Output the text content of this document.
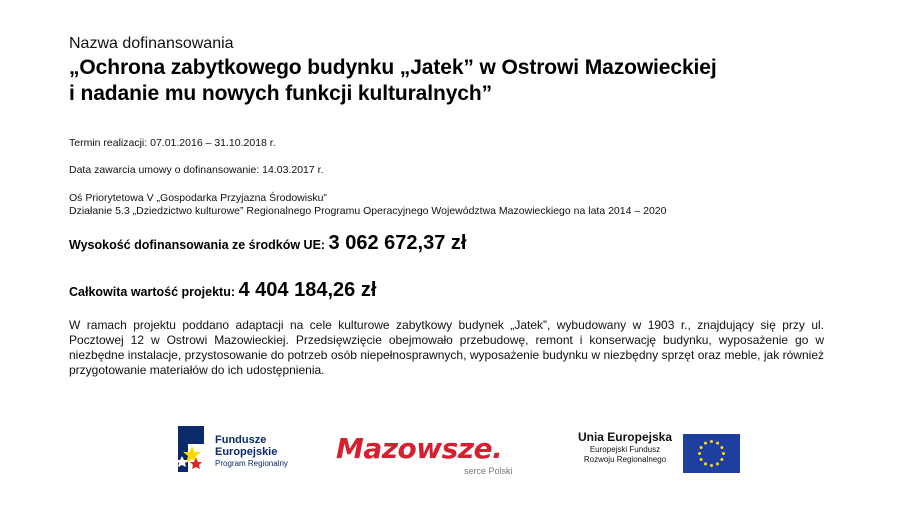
Nazwa dofinansowania
„Ochrona zabytkowego budynku „Jatek” w Ostrowi Mazowieckiej
i nadanie mu nowych funkcji kulturalnych”
Termin realizacji: 07.01.2016 – 31.10.2018 r.
Data zawarcia umowy o dofinansowanie: 14.03.2017 r.
Oś Priorytetowa V „Gospodarka Przyjazna Środowisku”
Działanie 5.3 „Dziedzictwo kulturowe” Regionalnego Programu Operacyjnego Województwa Mazowieckiego na lata 2014 – 2020
Wysokość dofinansowania ze środków UE: 3 062 672,37 zł
Całkowita wartość projektu: 4 404 184,26 zł
W ramach projektu poddano adaptacji na cele kulturowe zabytkowy budynek „Jatek”, wybudowany w 1903 r., znajdujący się przy ul. Pocztowej 12 w Ostrowi Mazowieckiej. Przedsięwzięcie obejmowało przebudowę, remont i konserwację budynku, wyposażenie go w niezbędne instalacje, przystosowanie do potrzeb osób niepełnosprawnych, wyposażenie budynku w niezbędny sprzęt oraz meble, jak również przygotowanie materiałów do ich udostępnienia.
Fundusze
Europejskie
Program Regionalny Mazowsze.
serce Polski
Unia Europejska
Europejski Fundusz
Rozwoju Regionalnego
